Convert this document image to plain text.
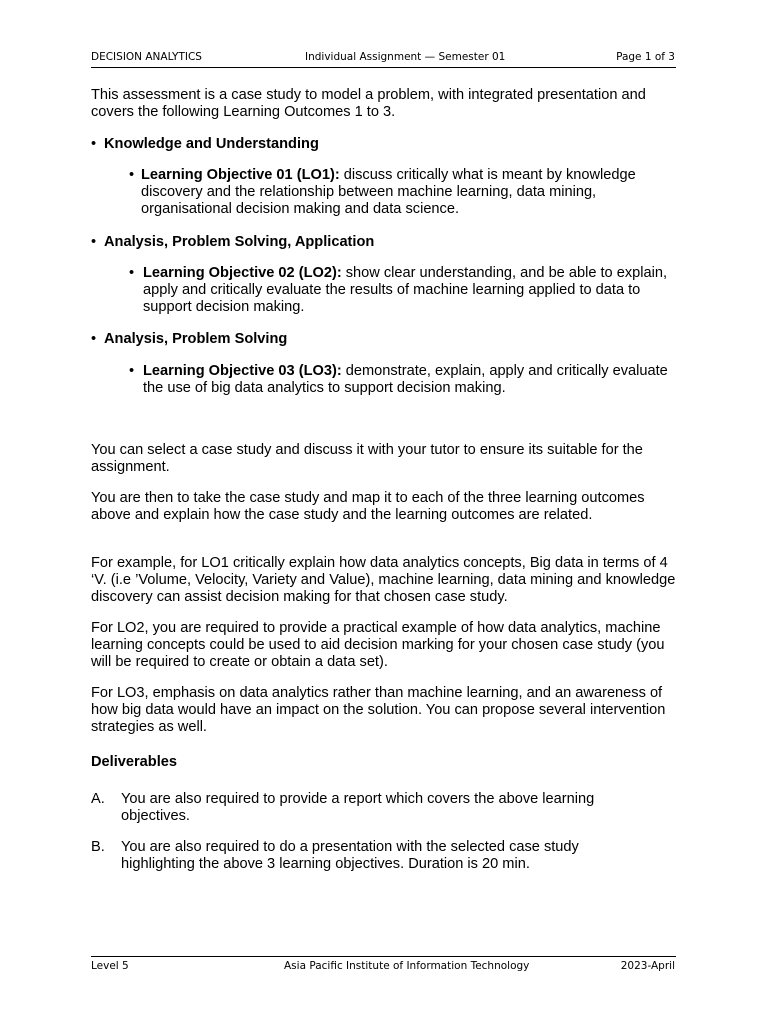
DECISION ANALYTICS	Individual Assignment — Semester 01	Page 1 of 3

This assessment is a case study to model a problem, with integrated presentation and covers the following Learning Outcomes 1 to 3.

• Knowledge and Understanding
• Learning Objective 01 (LO1): discuss critically what is meant by knowledge discovery and the relationship between machine learning, data mining, organisational decision making and data science.

• Analysis, Problem Solving, Application
• Learning Objective 02 (LO2): show clear understanding, and be able to explain, apply and critically evaluate the results of machine learning applied to data to support decision making.

• Analysis, Problem Solving
• Learning Objective 03 (LO3): demonstrate, explain, apply and critically evaluate the use of big data analytics to support decision making.

You can select a case study and discuss it with your tutor to ensure its suitable for the assignment.

You are then to take the case study and map it to each of the three learning outcomes above and explain how the case study and the learning outcomes are related.

For example, for LO1 critically explain how data analytics concepts, Big data in terms of 4 ‘V. (i.e ’Volume, Velocity, Variety and Value), machine learning, data mining and knowledge discovery can assist decision making for that chosen case study.

For LO2, you are required to provide a practical example of how data analytics, machine learning concepts could be used to aid decision marking for your chosen case study (you will be required to create or obtain a data set).

For LO3, emphasis on data analytics rather than machine learning, and an awareness of how big data would have an impact on the solution. You can propose several intervention strategies as well.

Deliverables
A. You are also required to provide a report which covers the above learning objectives.

B. You are also required to do a presentation with the selected case study highlighting the above 3 learning objectives. Duration is 20 min.

Level 5	Asia Pacific Institute of Information Technology	2023-April
